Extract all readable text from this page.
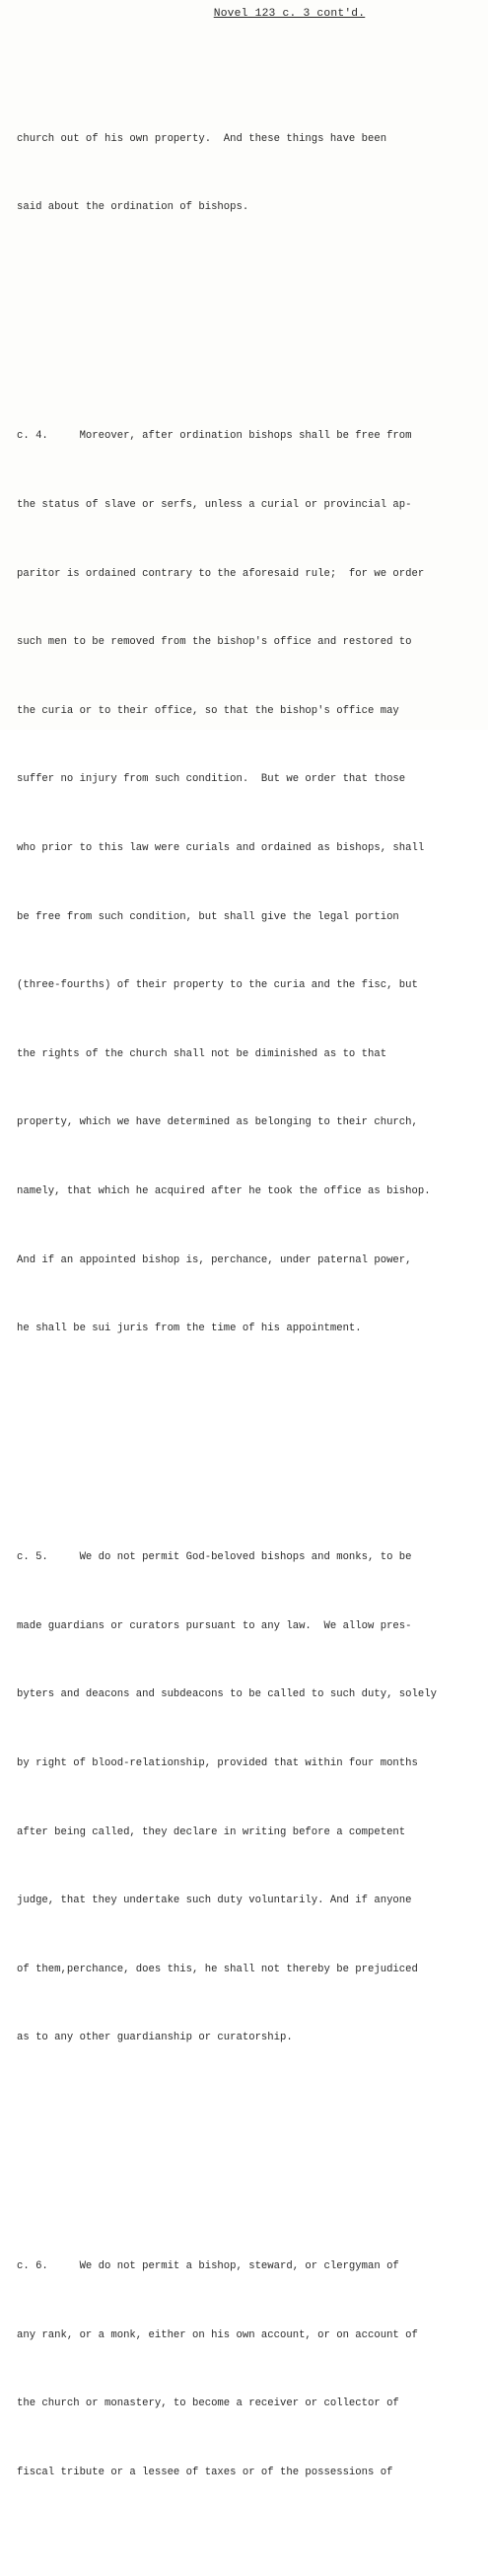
Novel 123 c. 3 cont'd.

church out of his own property.  And these things have been

said about the ordination of bishops.

c. 4.     Moreover, after ordination bishops shall be free from

the status of slave or serfs, unless a curial or provincial ap-

paritor is ordained contrary to the aforesaid rule;  for we order

such men to be removed from the bishop's office and restored to

the curia or to their office, so that the bishop's office may

suffer no injury from such condition.  But we order that those

who prior to this law were curials and ordained as bishops, shall

be free from such condition, but shall give the legal portion

(three-fourths) of their property to the curia and the fisc, but

the rights of the church shall not be diminished as to that

property, which we have determined as belonging to their church,

namely, that which he acquired after he took the office as bishop.

And if an appointed bishop is, perchance, under paternal power,

he shall be sui juris from the time of his appointment.

c. 5.     We do not permit God-beloved bishops and monks, to be

made guardians or curators pursuant to any law.  We allow pres-

byters and deacons and subdeacons to be called to such duty, solely

by right of blood-relationship, provided that within four months

after being called, they declare in writing before a competent

judge, that they undertake such duty voluntarily. And if anyone

of them,perchance, does this, he shall not thereby be prejudiced

as to any other guardianship or curatorship.

c. 6.     We do not permit a bishop, steward, or clergyman of

any rank, or a monk, either on his own account, or on account of

the church or monastery, to become a receiver or collector of

fiscal tribute or a lessee of taxes or of the possessions of
